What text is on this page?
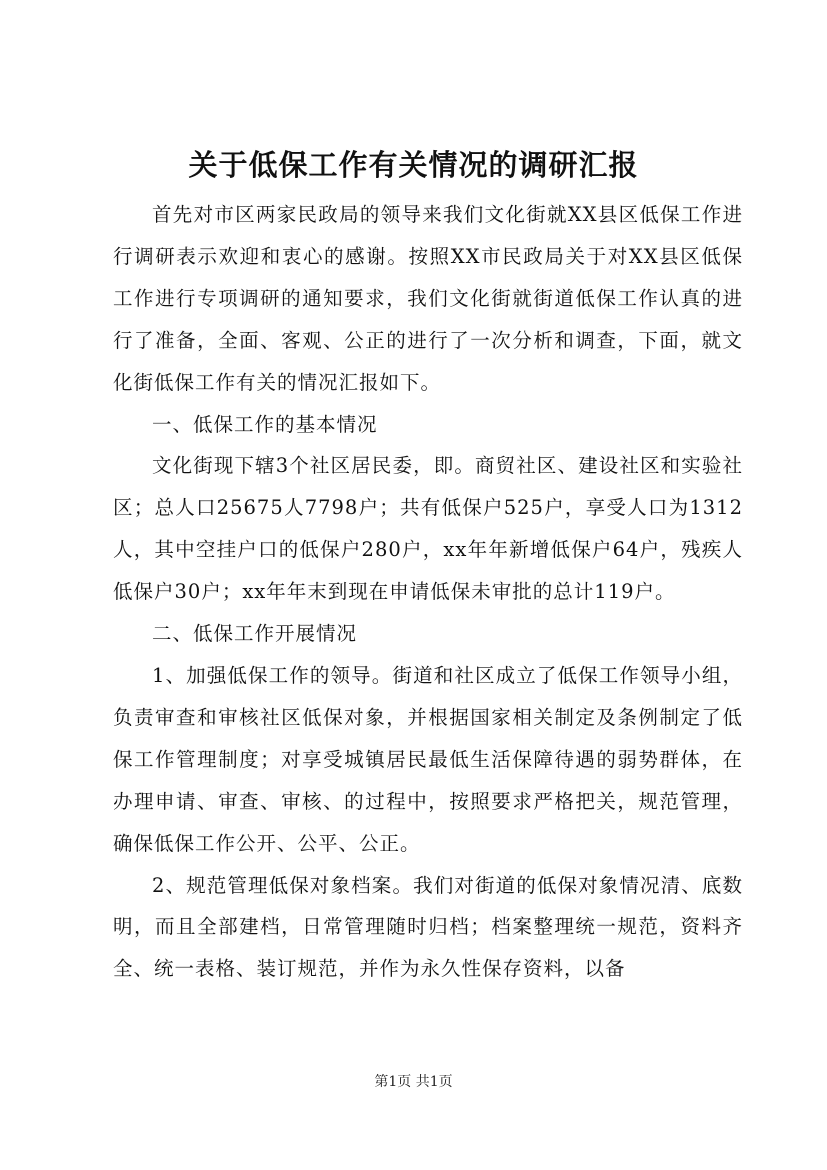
关于低保工作有关情况的调研汇报

首先对市区两家民政局的领导来我们文化街就XX县区低保工作进行调研表示欢迎和衷心的感谢。按照XX市民政局关于对XX县区低保工作进行专项调研的通知要求，我们文化街就街道低保工作认真的进行了准备，全面、客观、公正的进行了一次分析和调查，下面，就文化街低保工作有关的情况汇报如下。

一、低保工作的基本情况

文化街现下辖3个社区居民委，即。商贸社区、建设社区和实验社区；总人口25675人7798户；共有低保户525户，享受人口为1312人，其中空挂户口的低保户280户，xx年年新增低保户64户，残疾人低保户30户；xx年年末到现在申请低保未审批的总计119户。

二、低保工作开展情况

1、加强低保工作的领导。街道和社区成立了低保工作领导小组，负责审查和审核社区低保对象，并根据国家相关制定及条例制定了低保工作管理制度；对享受城镇居民最低生活保障待遇的弱势群体，在办理申请、审查、审核、的过程中，按照要求严格把关，规范管理，确保低保工作公开、公平、公正。

2、规范管理低保对象档案。我们对街道的低保对象情况清、底数明，而且全部建档，日常管理随时归档；档案整理统一规范，资料齐全、统一表格、装订规范，并作为永久性保存资料，以备

第1页 共1页
